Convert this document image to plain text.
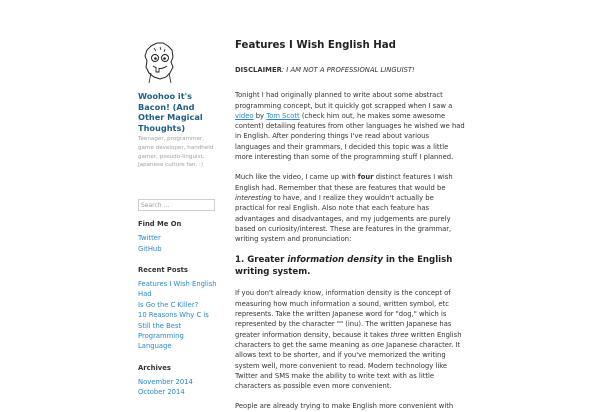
Woohoo it's Bacon! (And Other Magical Thoughts)
Teenager, programmer, game developer, handheld gamer, pseudo-linguist, Japanese culture fan. :)
Search ...
Find Me On
Twitter
GitHub
Recent Posts
Features I Wish English Had
Is Go the C Killer?
10 Reasons Why C is Still the Best Programming Language
Archives
November 2014
October 2014
Features I Wish English Had

DISCLAIMER: I AM NOT A PROFESSIONAL LINGUIST!

Tonight I had originally planned to write about some abstract programming concept, but it quickly got scrapped when I saw a video by Tom Scott (check him out, he makes some awesome content) detailing features from other languages he wished we had in English. After pondering things I've read about various languages and their grammars, I decided this topic was a little more interesting than some of the programming stuff I planned.

Much like the video, I came up with four distinct features I wish English had. Remember that these are features that would be interesting to have, and I realize they wouldn't actually be practical for real English. Also note that each feature has advantages and disadvantages, and my judgements are purely based on curiosity/interest. These are features in the grammar, writing system and pronunciation:

1. Greater information density in the English writing system.

If you don't already know, information density is the concept of measuring how much information a sound, written symbol, etc represents. Take the written Japanese word for "dog," which is represented by the character "" (inu). The written Japanese has greater information density, because it takes three written English characters to get the same meaning as one Japanese character. It allows text to be shorter, and if you've memorized the writing system well, more convenient to read. Modern technology like Twitter and SMS make the ability to write text with as little characters as possible even more convenient.

People are already trying to make English more convenient with
